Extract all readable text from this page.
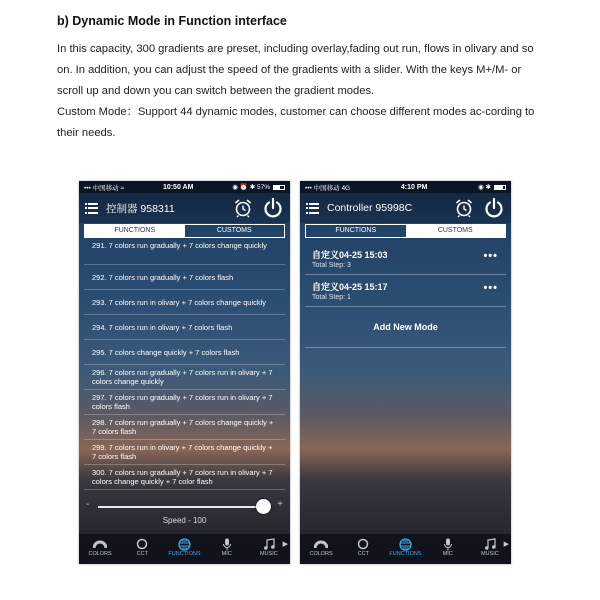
b) Dynamic Mode in Function interface

In this capacity, 300 gradients are preset, including overlay,fading out run, flows in olivary and so on. In addition, you can adjust the speed of the gradients with a slider. With the keys M+/M- or scroll up and down you can switch between the gradient modes.

Custom Mode：Support 44 dynamic modes, customer can choose different modes ac-cording to their needs.

••• 中国移动 ≈	10:50 AM	◉ ⏰ ✱ 57%
控制器 958311
FUNCTIONS	CUSTOMS
291. 7 colors run gradually + 7 colors change quickly
292. 7 colors run gradually + 7 colors flash
293. 7 colors run in olivary + 7 colors change quickly
294. 7 colors run in olivary + 7 colors flash
295. 7 colors change quickly + 7 colors flash
296. 7 colors run gradually + 7 colors run in olivary + 7 colors change quickly
297. 7 colors run gradually + 7 colors run in olivary + 7 colors flash
298. 7 colors run gradually + 7 colors change quickly + 7 colors flash
299. 7 colors run in olivary + 7 colors change quickly + 7 colors flash
300. 7 colors run gradually + 7 colors run in olivary + 7 colors change quickly + 7 color flash
-	+
Speed - 100
COLORS	CCT	FUNCTIONS	MIC	MUSIC
▶
••• 中国移动 4G	4:10 PM	◉ ✱
Controller 95998C
FUNCTIONS	CUSTOMS
自定义04-25 15:03
Total Step: 3
•••
自定义04-25 15:17
Total Step: 1
•••
Add New Mode
COLORS	CCT	FUNCTIONS	MIC	MUSIC
▶
